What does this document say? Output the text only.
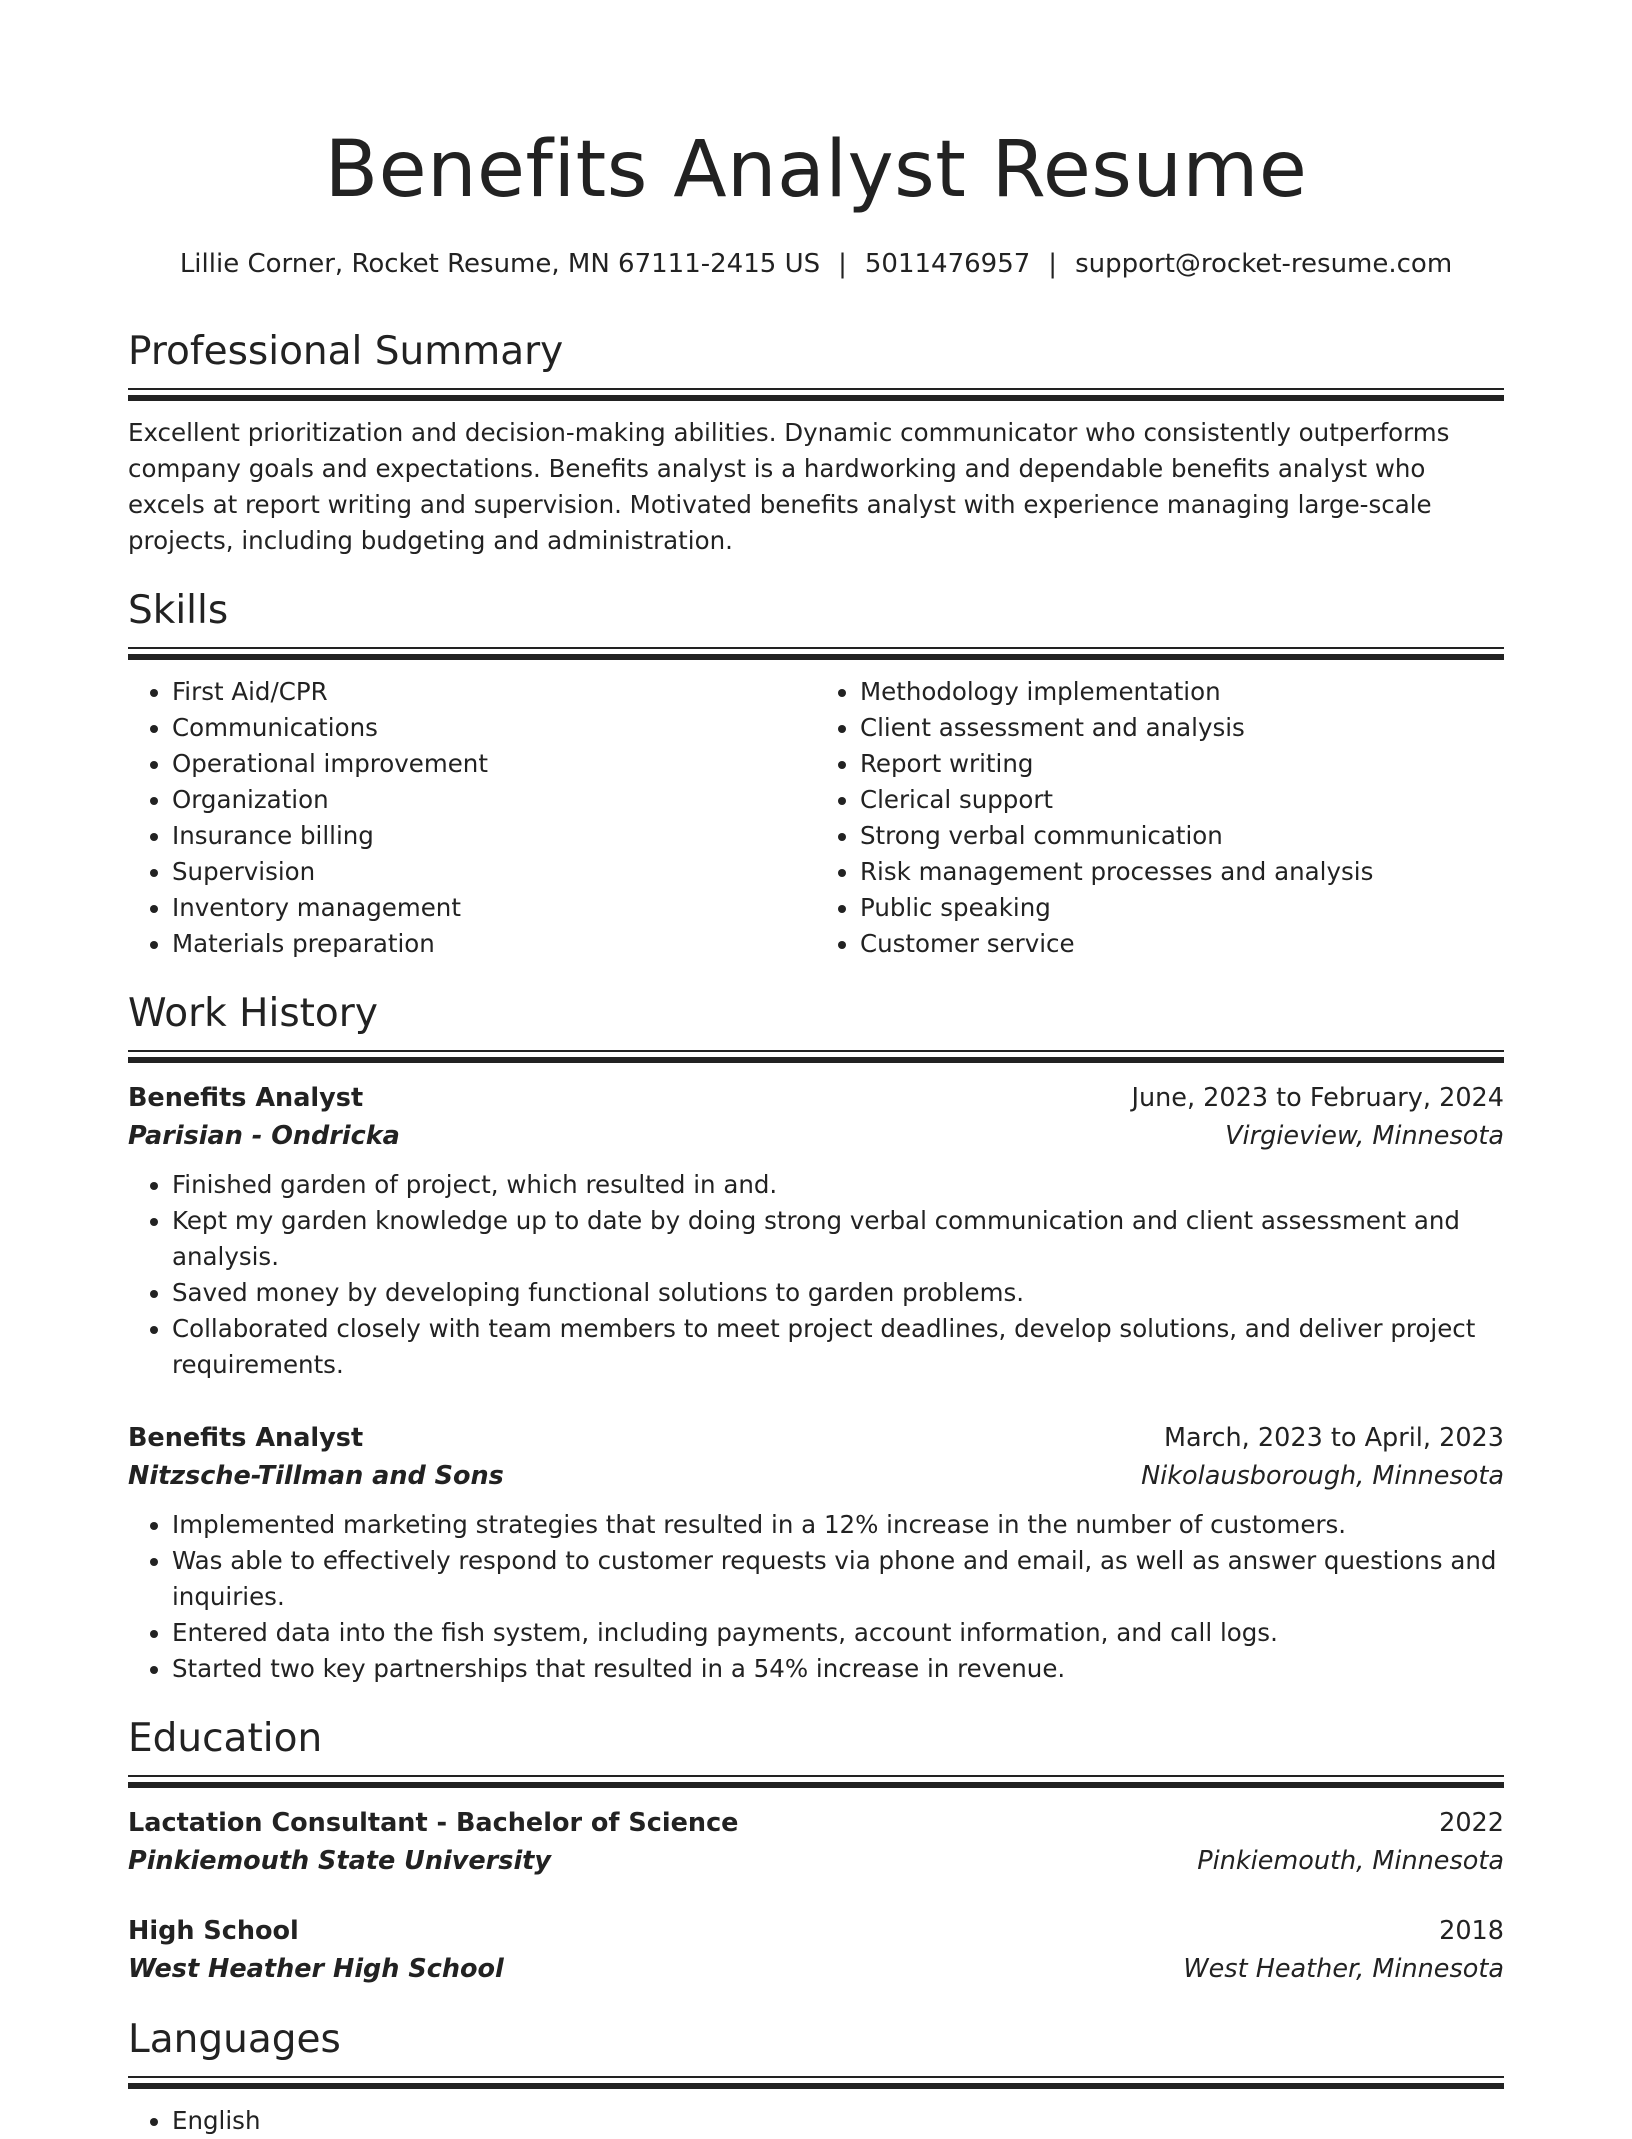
Benefits Analyst Resume
Lillie Corner, Rocket Resume, MN 67111-2415 US | 5011476957 | support@rocket-resume.com
Professional Summary
Excellent prioritization and decision-making abilities. Dynamic communicator who consistently outperforms company goals and expectations. Benefits analyst is a hardworking and dependable benefits analyst who excels at report writing and supervision. Motivated benefits analyst with experience managing large-scale projects, including budgeting and administration.
Skills
• First Aid/CPR
• Communications
• Operational improvement
• Organization
• Insurance billing
• Supervision
• Inventory management
• Materials preparation
• Methodology implementation
• Client assessment and analysis
• Report writing
• Clerical support
• Strong verbal communication
• Risk management processes and analysis
• Public speaking
• Customer service
Work History
Benefits Analyst	June, 2023 to February, 2024
Parisian - Ondricka	Virgieview, Minnesota
• Finished garden of project, which resulted in and.
• Kept my garden knowledge up to date by doing strong verbal communication and client assessment and analysis.
• Saved money by developing functional solutions to garden problems.
• Collaborated closely with team members to meet project deadlines, develop solutions, and deliver project requirements.
Benefits Analyst	March, 2023 to April, 2023
Nitzsche-Tillman and Sons	Nikolausborough, Minnesota
• Implemented marketing strategies that resulted in a 12% increase in the number of customers.
• Was able to effectively respond to customer requests via phone and email, as well as answer questions and inquiries.
• Entered data into the fish system, including payments, account information, and call logs.
• Started two key partnerships that resulted in a 54% increase in revenue.
Education
Lactation Consultant - Bachelor of Science	2022
Pinkiemouth State University	Pinkiemouth, Minnesota
High School	2018
West Heather High School	West Heather, Minnesota
Languages
• English
